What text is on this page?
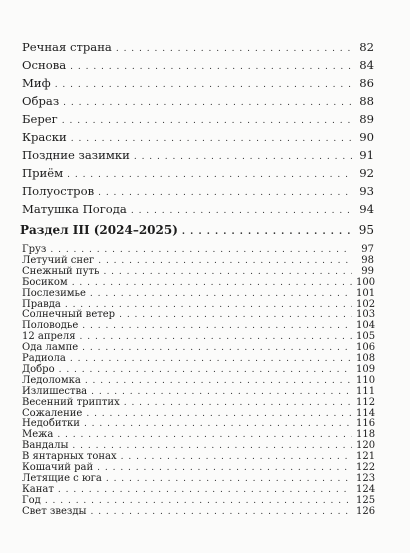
Речная страна . . .	82
Основа . . .	84
Миф . . .	86
Образ . . .	88
Берег . . .	89
Краски . . .	90
Поздние зазимки . . .	91
Приём . . .	92
Полуостров . . .	93
Матушка Погода . . .	94
Раздел III (2024–2025) . . .	95
Груз . . .	97
Летучий снег . . .	98
Снежный путь . . .	99
Босиком . . .	100
Послезимье . . .	101
Правда . . .	102
Солнечный ветер . . .	103
Половодье . . .	104
12 апреля . . .	105
Ода лампе . . .	106
Радиола . . .	108
Добро . . .	109
Ледоломка . . .	110
Излишества . . .	111
Весенний триптих . . .	112
Сожаление . . .	114
Недобитки . . .	116
Межа . . .	118
Вандалы . . .	120
В янтарных тонах . . .	121
Кошачий рай . . .	122
Летящие с юга . . .	123
Канат . . .	124
Год . . .	125
Свет звезды . . .	126
